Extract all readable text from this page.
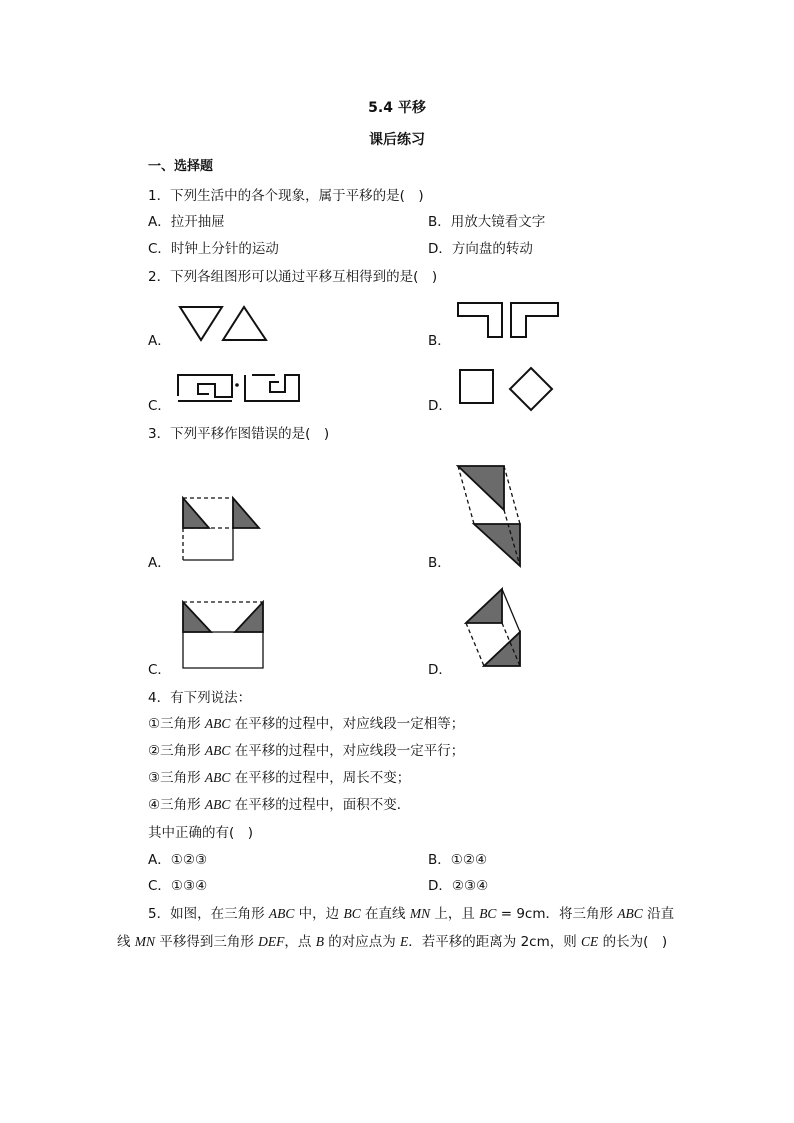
5.4 平移
课后练习
一、选择题
1．下列生活中的各个现象，属于平移的是(　)
A．拉开抽屉	B．用放大镜看文字
C．时钟上分针的运动	D．方向盘的转动
2．下列各组图形可以通过平移互相得到的是(　)
A．	B．
C．	D．
3．下列平移作图错误的是(　)
A．	B．
C．	D．
4．有下列说法：
①三角形 ABC 在平移的过程中，对应线段一定相等；
②三角形 ABC 在平移的过程中，对应线段一定平行；
③三角形 ABC 在平移的过程中，周长不变；
④三角形 ABC 在平移的过程中，面积不变．
其中正确的有(　)
A．①②③	B．①②④
C．①③④	D．②③④
5．如图，在三角形 ABC 中，边 BC 在直线 MN 上，且 BC = 9cm．将三角形 ABC 沿直
线 MN 平移得到三角形 DEF，点 B 的对应点为 E．若平移的距离为 2cm，则 CE 的长为(　)
